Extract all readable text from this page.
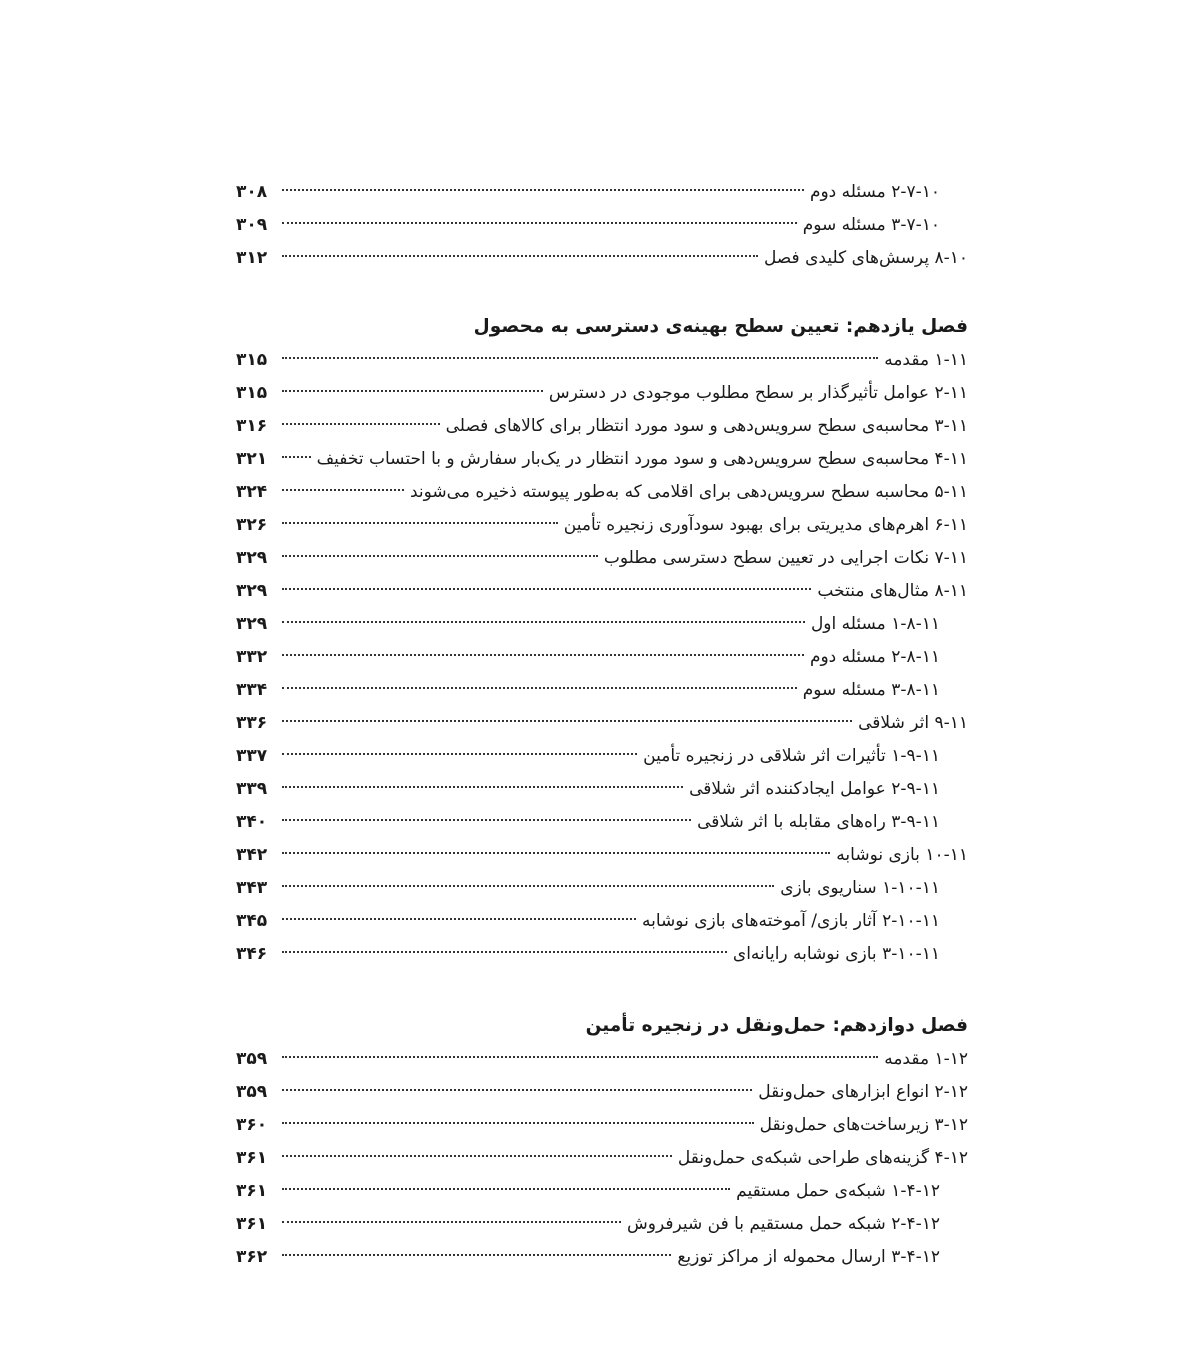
۲-۷-۱۰ مسئله دوم
۳۰۸
۳-۷-۱۰ مسئله سوم
۳۰۹
۸-۱۰ پرسش‌های کلیدی فصل
۳۱۲
فصل یازدهم: تعیین سطح بهینه‌ی دسترسی به محصول
۱-۱۱ مقدمه
۳۱۵
۲-۱۱ عوامل تأثیرگذار بر سطح مطلوب موجودی در دسترس
۳۱۵
۳-۱۱ محاسبه‌ی سطح سرویس‌دهی و سود مورد انتظار برای کالاهای فصلی
۳۱۶
۴-۱۱ محاسبه‌ی سطح سرویس‌دهی و سود مورد انتظار در یک‌بار سفارش و با احتساب تخفیف
۳۲۱
۵-۱۱ محاسبه سطح سرویس‌دهی برای اقلامی که به‌طور پیوسته ذخیره می‌شوند
۳۲۴
۶-۱۱ اهرم‌های مدیریتی برای بهبود سودآوری زنجیره تأمین
۳۲۶
۷-۱۱ نکات اجرایی در تعیین سطح دسترسی مطلوب
۳۲۹
۸-۱۱ مثال‌های منتخب
۳۲۹
۱-۸-۱۱ مسئله اول
۳۲۹
۲-۸-۱۱ مسئله دوم
۳۳۲
۳-۸-۱۱ مسئله سوم
۳۳۴
۹-۱۱ اثر شلاقی
۳۳۶
۱-۹-۱۱ تأثیرات اثر شلاقی در زنجیره تأمین
۳۳۷
۲-۹-۱۱ عوامل ایجادکننده اثر شلاقی
۳۳۹
۳-۹-۱۱ راه‌های مقابله با اثر شلاقی
۳۴۰
۱۰-۱۱ بازی نوشابه
۳۴۲
۱-۱۰-۱۱ سناریوی بازی
۳۴۳
۲-۱۰-۱۱ آثار بازی/ آموخته‌های بازی نوشابه
۳۴۵
۳-۱۰-۱۱ بازی نوشابه رایانه‌ای
۳۴۶
فصل دوازدهم: حمل‌ونقل در زنجیره تأمین
۱-۱۲ مقدمه
۳۵۹
۲-۱۲ انواع ابزارهای حمل‌ونقل
۳۵۹
۳-۱۲ زیرساخت‌های حمل‌ونقل
۳۶۰
۴-۱۲ گزینه‌های طراحی شبکه‌ی حمل‌ونقل
۳۶۱
۱-۴-۱۲ شبکه‌ی حمل مستقیم
۳۶۱
۲-۴-۱۲ شبکه حمل مستقیم با فن شیرفروش
۳۶۱
۳-۴-۱۲ ارسال محموله از مراکز توزیع
۳۶۲
